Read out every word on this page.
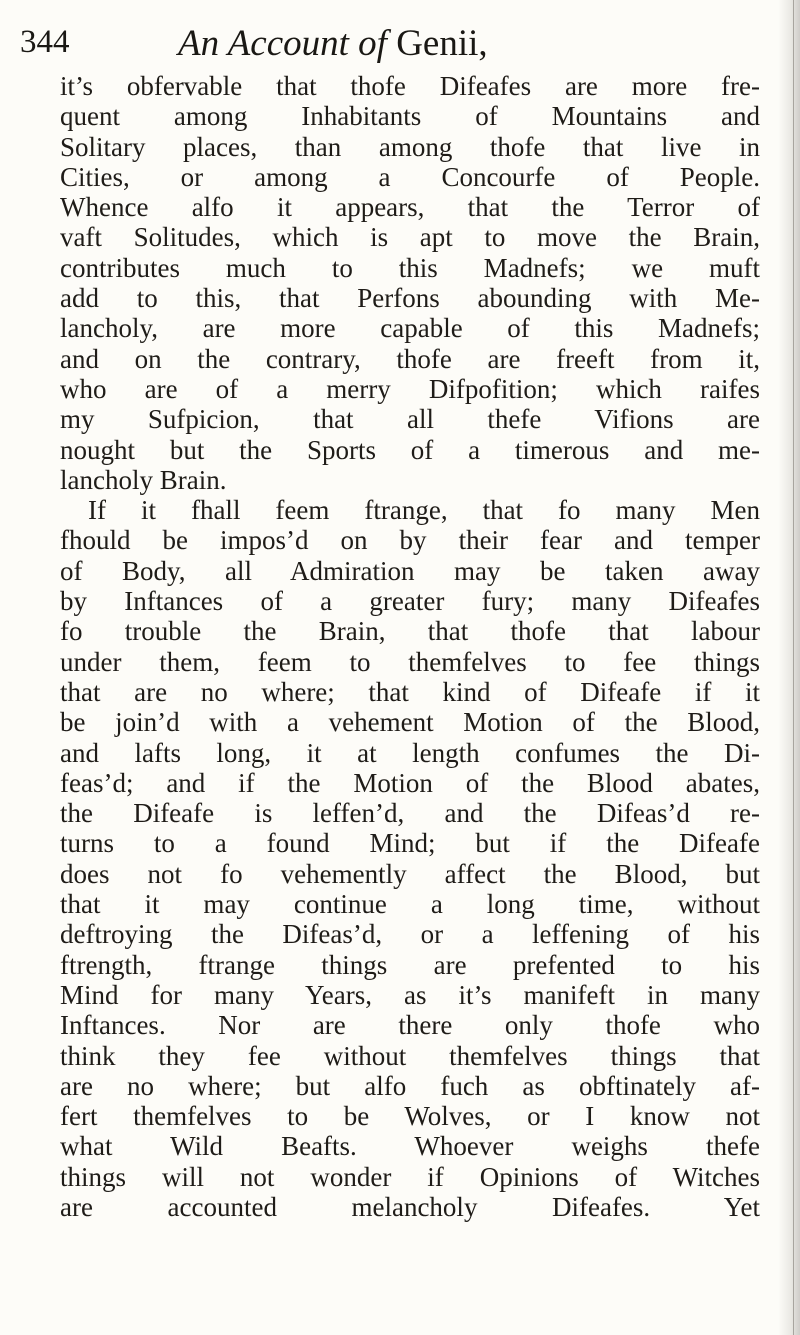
344	An Account of Genii,
it’s obfervable that thofe Difeafes are more fre-
quent among Inhabitants of Mountains and
Solitary places, than among thofe that live in
Cities, or among a Concourfe of People.
Whence alfo it appears, that the Terror of
vaft Solitudes, which is apt to move the Brain,
contributes much to this Madnefs; we muft
add to this, that Perfons abounding with Me-
lancholy, are more capable of this Madnefs;
and on the contrary, thofe are freeft from it,
who are of a merry Difpofition; which raifes
my Sufpicion, that all thefe Vifions are
nought but the Sports of a timerous and me-
lancholy Brain.
If it fhall feem ftrange, that fo many Men
fhould be impos’d on by their fear and temper
of Body, all Admiration may be taken away
by Inftances of a greater fury; many Difeafes
fo trouble the Brain, that thofe that labour
under them, feem to themfelves to fee things
that are no where; that kind of Difeafe if it
be join’d with a vehement Motion of the Blood,
and lafts long, it at length confumes the Di-
feas’d; and if the Motion of the Blood abates,
the Difeafe is leffen’d, and the Difeas’d re-
turns to a found Mind; but if the Difeafe
does not fo vehemently affect the Blood, but
that it may continue a long time, without
deftroying the Difeas’d, or a leffening of his
ftrength, ftrange things are prefented to his
Mind for many Years, as it’s manifeft in many
Inftances. Nor are there only thofe who
think they fee without themfelves things that
are no where; but alfo fuch as obftinately af-
fert themfelves to be Wolves, or I know not
what Wild Beafts. Whoever weighs thefe
things will not wonder if Opinions of Witches
are accounted melancholy Difeafes. Yet
